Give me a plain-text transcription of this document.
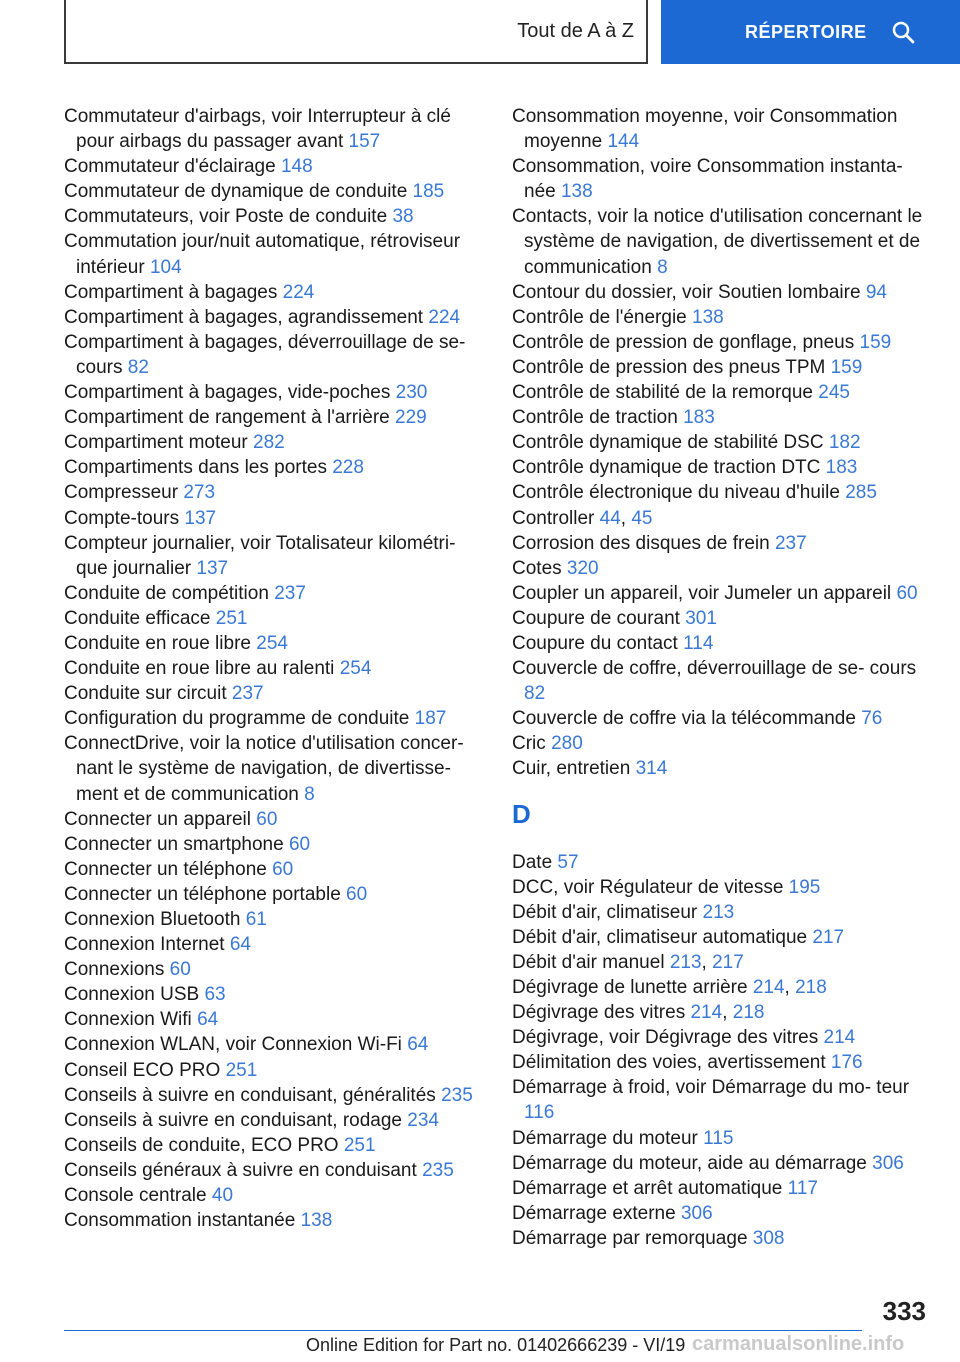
Tout de A à Z	RÉPERTOIRE
Commutateur d'airbags, voir Interrupteur à clé pour airbags du passager avant 157
Commutateur d'éclairage 148
Commutateur de dynamique de conduite 185
Commutateurs, voir Poste de conduite 38
Commutation jour/nuit automatique, rétroviseur intérieur 104
Compartiment à bagages 224
Compartiment à bagages, agrandissement 224
Compartiment à bagages, déverrouillage de se‐ cours 82
Compartiment à bagages, vide-poches 230
Compartiment de rangement à l'arrière 229
Compartiment moteur 282
Compartiments dans les portes 228
Compresseur 273
Compte-tours 137
Compteur journalier, voir Totalisateur kilométri‐ que journalier 137
Conduite de compétition 237
Conduite efficace 251
Conduite en roue libre 254
Conduite en roue libre au ralenti 254
Conduite sur circuit 237
Configuration du programme de conduite 187
ConnectDrive, voir la notice d'utilisation concer‐ nant le système de navigation, de divertisse‐ ment et de communication 8
Connecter un appareil 60
Connecter un smartphone 60
Connecter un téléphone 60
Connecter un téléphone portable 60
Connexion Bluetooth 61
Connexion Internet 64
Connexions 60
Connexion USB 63
Connexion Wifi 64
Connexion WLAN, voir Connexion Wi-Fi 64
Conseil ECO PRO 251
Conseils à suivre en conduisant, généralités 235
Conseils à suivre en conduisant, rodage 234
Conseils de conduite, ECO PRO 251
Conseils généraux à suivre en conduisant 235
Console centrale 40
Consommation instantanée 138
Consommation moyenne, voir Consommation moyenne 144
Consommation, voire Consommation instanta‐ née 138
Contacts, voir la notice d'utilisation concernant le système de navigation, de divertissement et de communication 8
Contour du dossier, voir Soutien lombaire 94
Contrôle de l'énergie 138
Contrôle de pression de gonflage, pneus 159
Contrôle de pression des pneus TPM 159
Contrôle de stabilité de la remorque 245
Contrôle de traction 183
Contrôle dynamique de stabilité DSC 182
Contrôle dynamique de traction DTC 183
Contrôle électronique du niveau d'huile 285
Controller 44, 45
Corrosion des disques de frein 237
Cotes 320
Coupler un appareil, voir Jumeler un appareil 60
Coupure de courant 301
Coupure du contact 114
Couvercle de coffre, déverrouillage de se‐ cours 82
Couvercle de coffre via la télécommande 76
Cric 280
Cuir, entretien 314
D
Date 57
DCC, voir Régulateur de vitesse 195
Débit d'air, climatiseur 213
Débit d'air, climatiseur automatique 217
Débit d'air manuel 213, 217
Dégivrage de lunette arrière 214, 218
Dégivrage des vitres 214, 218
Dégivrage, voir Dégivrage des vitres 214
Délimitation des voies, avertissement 176
Démarrage à froid, voir Démarrage du mo‐ teur 116
Démarrage du moteur 115
Démarrage du moteur, aide au démarrage 306
Démarrage et arrêt automatique 117
Démarrage externe 306
Démarrage par remorquage 308
333
Online Edition for Part no. 01402666239 - VI/19 carmanualsonline.info
